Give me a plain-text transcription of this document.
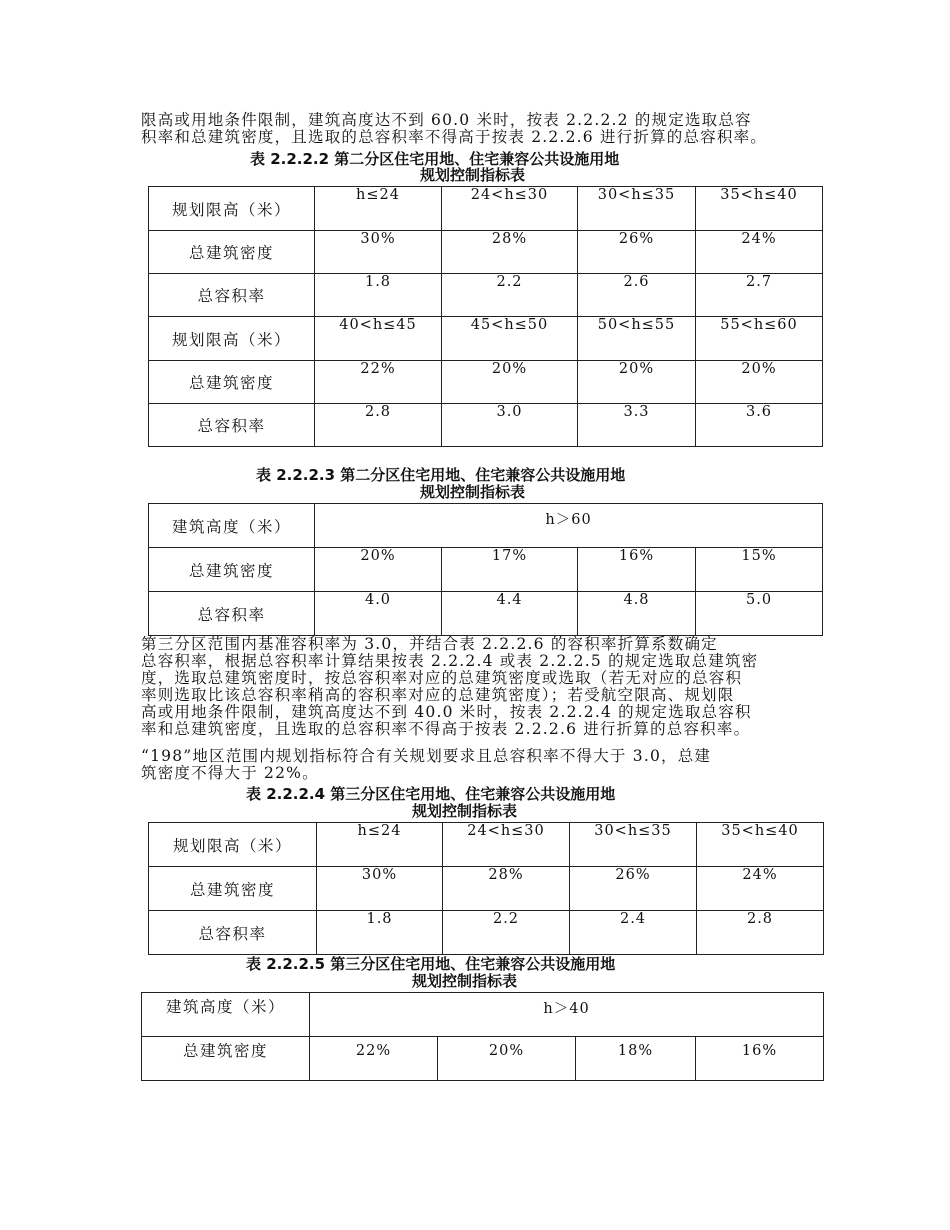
限高或用地条件限制，建筑高度达不到 60.0 米时，按表 2.2.2.2 的规定选取总容

积率和总建筑密度，且选取的总容积率不得高于按表 2.2.2.6 进行折算的总容积率。

表 2.2.2.2 第二分区住宅用地、住宅兼容公共设施用地

规划控制指标表

规划限高（米）	h≤24	24<h≤30	30<h≤35	35<h≤40
总建筑密度	30%	28%	26%	24%
总容积率	1.8	2.2	2.6	2.7
规划限高（米）	40<h≤45	45<h≤50	50<h≤55	55<h≤60
总建筑密度	22%	20%	20%	20%
总容积率	2.8	3.0	3.3	3.6

表 2.2.2.3 第二分区住宅用地、住宅兼容公共设施用地

规划控制指标表

建筑高度（米）	h＞60			
总建筑密度	20%	17%	16%	15%
总容积率	4.0	4.4	4.8	5.0

第三分区范围内基准容积率为 3.0，并结合表 2.2.2.6 的容积率折算系数确定

总容积率，根据总容积率计算结果按表 2.2.2.4 或表 2.2.2.5 的规定选取总建筑密

度，选取总建筑密度时，按总容积率对应的总建筑密度或选取（若无对应的总容积

率则选取比该总容积率稍高的容积率对应的总建筑密度）；若受航空限高、规划限

高或用地条件限制，建筑高度达不到 40.0 米时，按表 2.2.2.4 的规定选取总容积

率和总建筑密度，且选取的总容积率不得高于按表 2.2.2.6 进行折算的总容积率。

“198”地区范围内规划指标符合有关规划要求且总容积率不得大于 3.0，总建

筑密度不得大于 22%。

表 2.2.2.4 第三分区住宅用地、住宅兼容公共设施用地

规划控制指标表

规划限高（米）	h≤24	24<h≤30	30<h≤35	35<h≤40
总建筑密度	30%	28%	26%	24%
总容积率	1.8	2.2	2.4	2.8

表 2.2.2.5 第三分区住宅用地、住宅兼容公共设施用地

规划控制指标表

建筑高度（米）	h＞40			
总建筑密度	22%	20%	18%	16%
